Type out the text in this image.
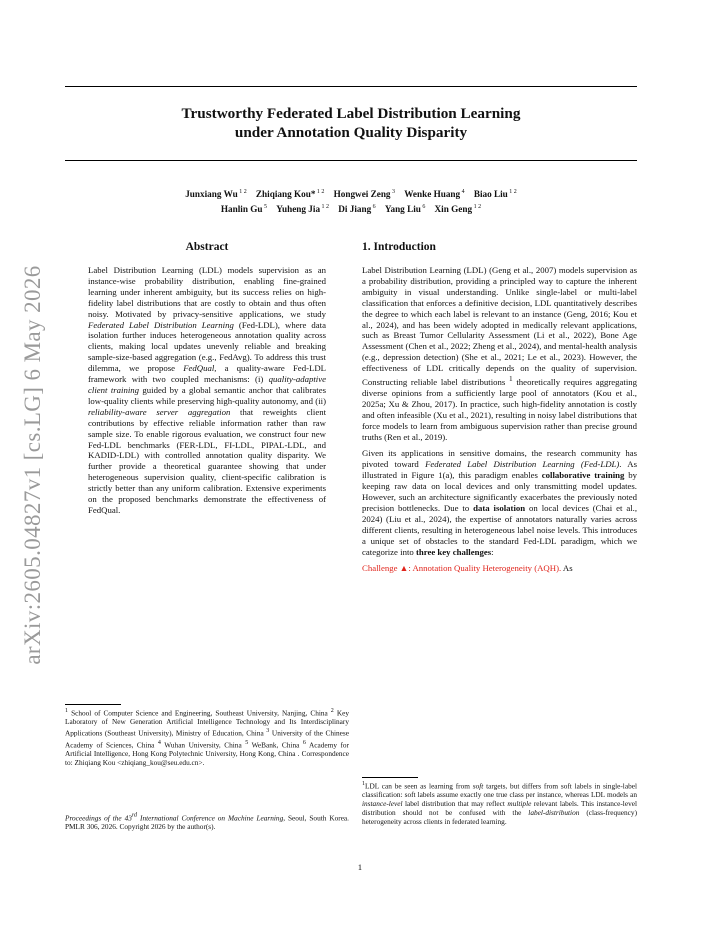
arXiv:2605.04827v1 [cs.LG] 6 May 2026
Trustworthy Federated Label Distribution Learning
under Annotation Quality Disparity
Junxiang Wu $^{1 2}$   Zhiqiang Kou* $^{1 2}$   Hongwei Zeng $^3$   Wenke Huang $^4$   Biao Liu $^{1 2}$
Hanlin Gu $^5$   Yuheng Jia $^{1 2}$   Di Jiang $^6$   Yang Liu $^6$   Xin Geng $^{1 2}$
Abstract
Label Distribution Learning (LDL) models supervision as an instance-wise probability distribution, enabling fine-grained learning under inherent ambiguity, but its success relies on high-fidelity label distributions that are costly to obtain and thus often noisy. Motivated by privacy-sensitive applications, we study Federated Label Distribution Learning (Fed-LDL), where data isolation further induces heterogeneous annotation quality across clients, making local updates unevenly reliable and breaking sample-size-based aggregation (e.g., FedAvg). To address this trust dilemma, we propose FedQual, a quality-aware Fed-LDL framework with two coupled mechanisms: (i) quality-adaptive client training guided by a global semantic anchor that calibrates low-quality clients while preserving high-quality autonomy, and (ii) reliability-aware server aggregation that reweights client contributions by effective reliable information rather than raw sample size. To enable rigorous evaluation, we construct four new Fed-LDL benchmarks (FER-LDL, FI-LDL, PIPAL-LDL, and KADID-LDL) with controlled annotation quality disparity. We further provide a theoretical guarantee showing that under heterogeneous supervision quality, client-specific calibration is strictly better than any uniform calibration. Extensive experiments on the proposed benchmarks demonstrate the effectiveness of FedQual.
$^1$ School of Computer Science and Engineering, Southeast University, Nanjing, China $^2$ Key Laboratory of New Generation Artificial Intelligence Technology and Its Interdisciplinary Applications (Southeast University), Ministry of Education, China $^3$ University of the Chinese Academy of Sciences, China $^4$ Wuhan University, China $^5$ WeBank, China $^6$ Academy for Artificial Intelligence, Hong Kong Polytechnic University, Hong Kong, China . Correspondence to: Zhiqiang Kou <zhiqiang_kou@seu.edu.cn>.
Proceedings of the 43rd International Conference on Machine Learning, Seoul, South Korea. PMLR 306, 2026. Copyright 2026 by the author(s).
1. Introduction
Label Distribution Learning (LDL) (Geng et al., 2007) models supervision as a probability distribution, providing a principled way to capture the inherent ambiguity in visual understanding. Unlike single-label or multi-label classification that enforces a definitive decision, LDL quantitatively describes the degree to which each label is relevant to an instance (Geng, 2016; Kou et al., 2024), and has been widely adopted in medically relevant applications, such as Breast Tumor Cellularity Assessment (Li et al., 2022), Bone Age Assessment (Chen et al., 2022; Zheng et al., 2024), and mental-health analysis (e.g., depression detection) (She et al., 2021; Le et al., 2023). However, the effectiveness of LDL critically depends on the quality of supervision. Constructing reliable label distributions $^1$ theoretically requires aggregating diverse opinions from a sufficiently large pool of annotators (Kou et al., 2025a; Xu & Zhou, 2017). In practice, such high-fidelity annotation is costly and often infeasible (Xu et al., 2021), resulting in noisy label distributions that force models to learn from ambiguous supervision rather than precise ground truths (Ren et al., 2019).
Given its applications in sensitive domains, the research community has pivoted toward Federated Label Distribution Learning (Fed-LDL). As illustrated in Figure 1(a), this paradigm enables collaborative training by keeping raw data on local devices and only transmitting model updates. However, such an architecture significantly exacerbates the previously noted precision bottlenecks. Due to data isolation on local devices (Chai et al., 2024) (Liu et al., 2024), the expertise of annotators naturally varies across different clients, resulting in heterogeneous label noise levels. This introduces a unique set of obstacles to the standard Fed-LDL paradigm, which we categorize into three key challenges:
Challenge ▲: Annotation Quality Heterogeneity (AQH). As
$^1$LDL can be seen as learning from soft targets, but differs from soft labels in single-label classification: soft labels assume exactly one true class per instance, whereas LDL models an instance-level label distribution that may reflect multiple relevant labels. This instance-level distribution should not be confused with the label-distribution (class-frequency) heterogeneity across clients in federated learning.
1
